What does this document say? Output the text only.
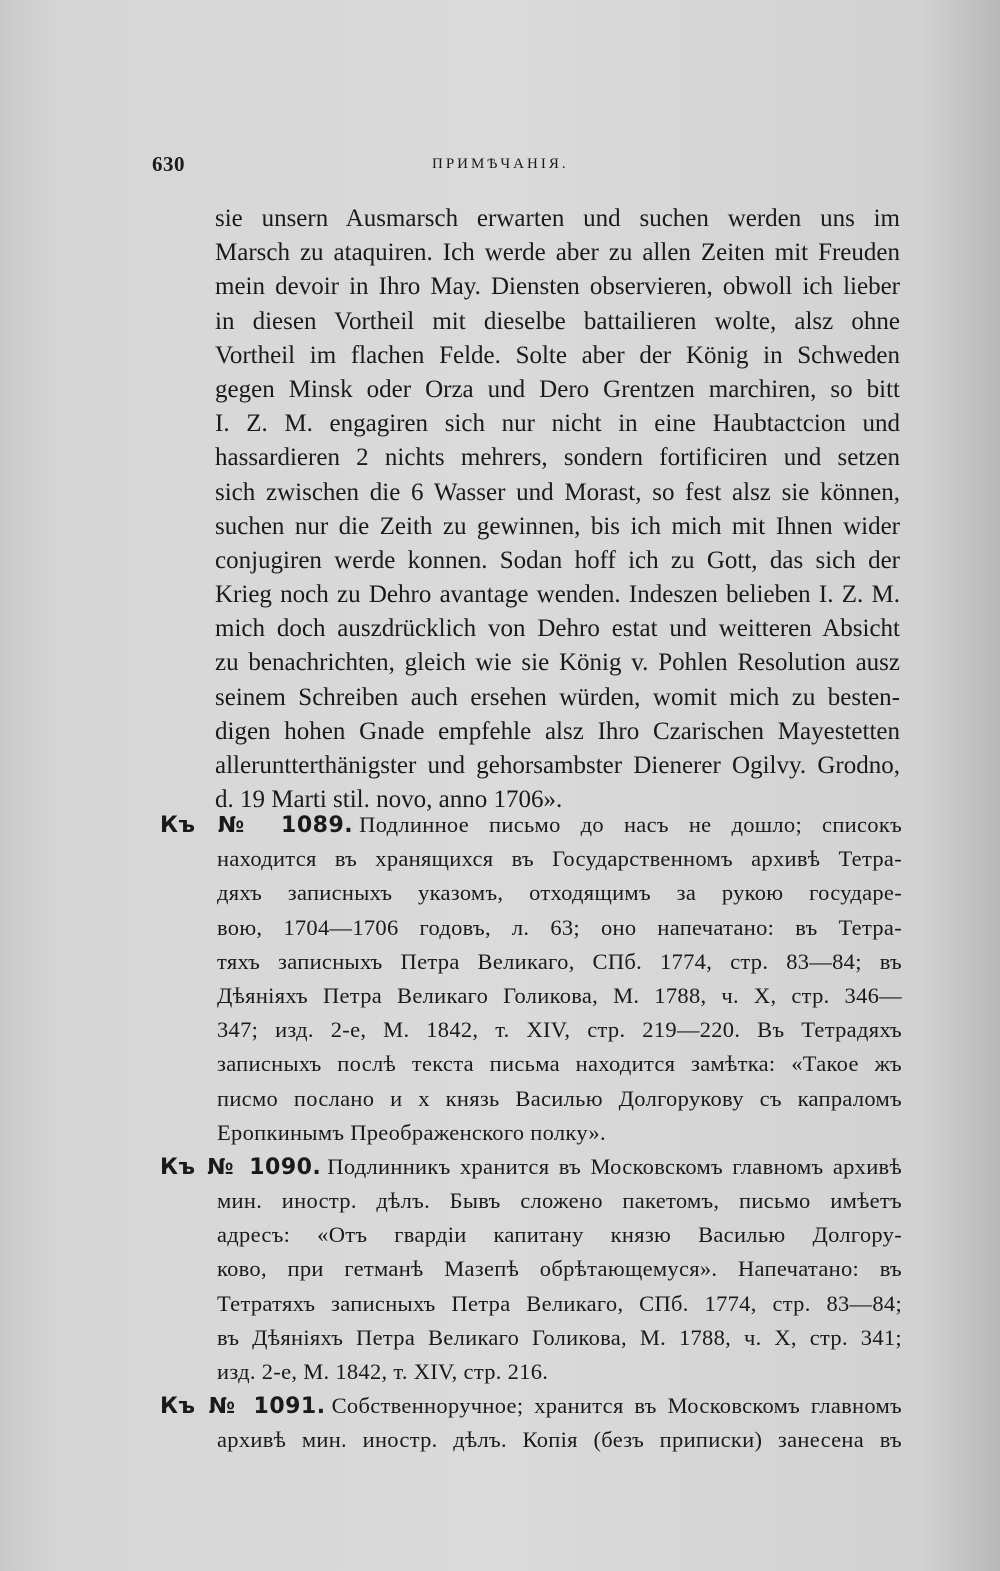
630	ПРИМѢЧАНІЯ.
sie unsern Ausmarsch erwarten und suchen werden uns im
Marsch zu ataquiren. Ich werde aber zu allen Zeiten mit Freuden
mein devoir in Ihro May. Diensten observieren, obwoll ich lieber
in diesen Vortheil mit dieselbe battailieren wolte, alsz ohne
Vortheil im flachen Felde. Solte aber der König in Schweden
gegen Minsk oder Orza und Dero Grentzen marchiren, so bitt
I. Z. M. engagiren sich nur nicht in eine Haubtactcion und
hassardieren 2 nichts mehrers, sondern fortificiren und setzen
sich zwischen die 6 Wasser und Morast, so fest alsz sie können,
suchen nur die Zeith zu gewinnen, bis ich mich mit Ihnen wider
conjugiren werde konnen. Sodan hoff ich zu Gott, das sich der
Krieg noch zu Dehro avantage wenden. Indeszen belieben I. Z. M.
mich doch auszdrücklich von Dehro estat und weitteren Absicht
zu benachrichten, gleich wie sie König v. Pohlen Resolution ausz
seinem Schreiben auch ersehen würden, womit mich zu besten-
digen hohen Gnade empfehle alsz Ihro Czarischen Mayestetten
alleruntterthänigster und gehorsambster Dienerer Ogilvy. Grodno,
d. 19 Marti stil. novo, anno 1706».
Къ № 1089. Подлинное письмо до насъ не дошло; списокъ
находится въ хранящихся въ Государственномъ архивѣ Тетра-
дяхъ записныхъ указомъ, отходящимъ за рукою государе-
вою, 1704—1706 годовъ, л. 63; оно напечатано: въ Тетра-
тяхъ записныхъ Петра Великаго, СПб. 1774, стр. 83—84; въ
Дѣяніяхъ Петра Великаго Голикова, М. 1788, ч. X, стр. 346—
347; изд. 2-е, М. 1842, т. XIV, стр. 219—220. Въ Тетрадяхъ
записныхъ послѣ текста письма находится замѣтка: «Такое жъ
писмо послано и х князь Василью Долгорукову съ капраломъ
Еропкинымъ Преображенского полку».
Къ № 1090. Подлинникъ хранится въ Московскомъ главномъ архивѣ
мин. иностр. дѣлъ. Бывъ сложено пакетомъ, письмо имѣетъ
адресъ: «Отъ гвардіи капитану князю Василью Долгору-
ково, при гетманѣ Мазепѣ обрѣтающемуся». Напечатано: въ
Тетратяхъ записныхъ Петра Великаго, СПб. 1774, стр. 83—84;
въ Дѣяніяхъ Петра Великаго Голикова, М. 1788, ч. X, стр. 341;
изд. 2-е, М. 1842, т. XIV, стр. 216.
Къ № 1091. Собственноручное; хранится въ Московскомъ главномъ
архивѣ мин. иностр. дѣлъ. Копія (безъ приписки) занесена въ
